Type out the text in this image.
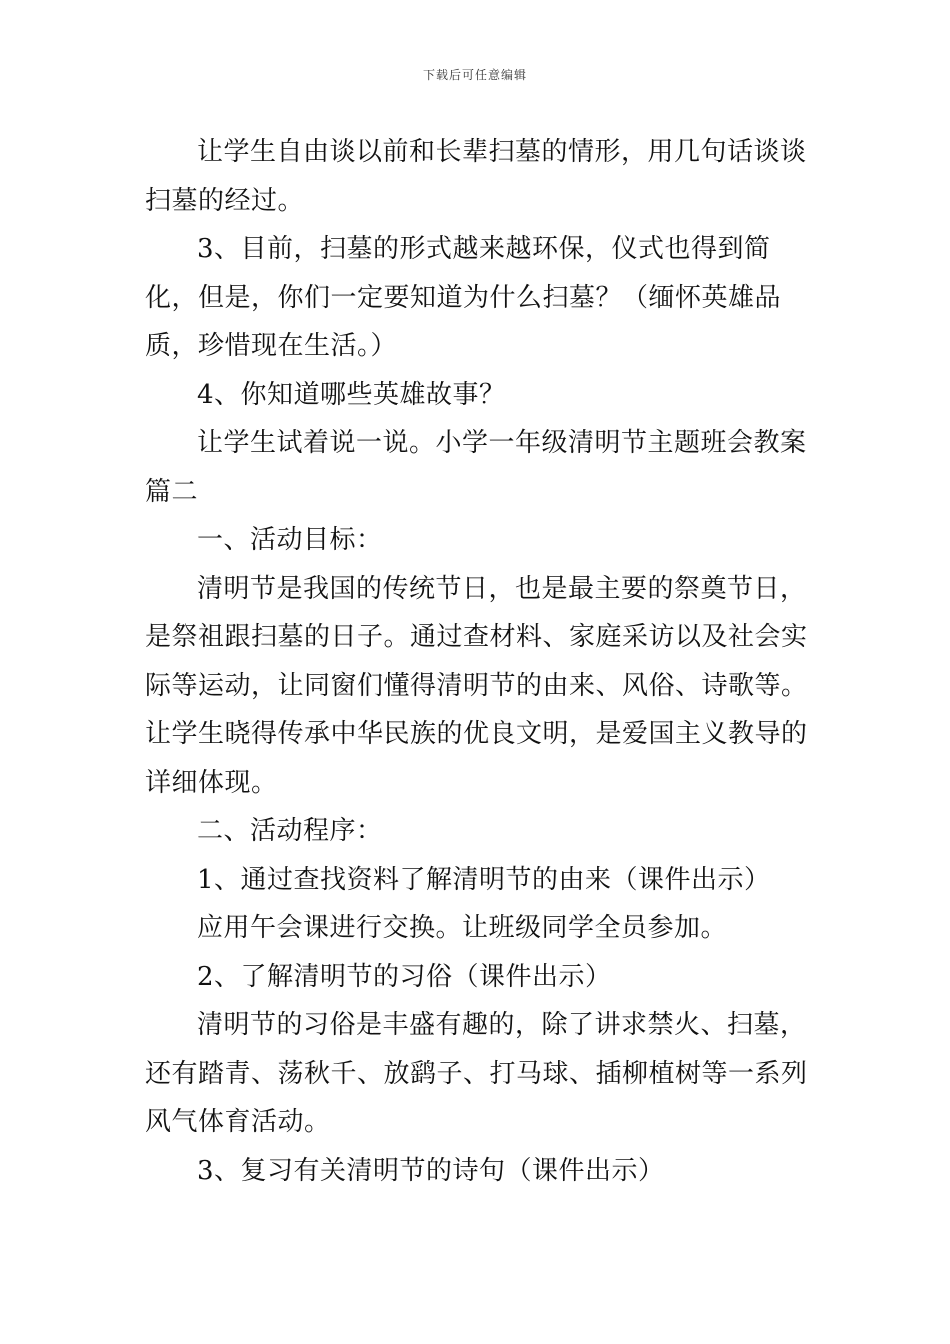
下载后可任意编辑

让学生自由谈以前和长辈扫墓的情形，用几句话谈谈扫墓的经过。

3、目前，扫墓的形式越来越环保，仪式也得到简化，但是，你们一定要知道为什么扫墓？（缅怀英雄品质，珍惜现在生活。）

4、你知道哪些英雄故事？

让学生试着说一说。小学一年级清明节主题班会教案篇二

一、活动目标：

清明节是我国的传统节日，也是最主要的祭奠节日，是祭祖跟扫墓的日子。通过查材料、家庭采访以及社会实际等运动，让同窗们懂得清明节的由来、风俗、诗歌等。让学生晓得传承中华民族的优良文明，是爱国主义教导的详细体现。

二、活动程序：

1、通过查找资料了解清明节的由来（课件出示）

应用午会课进行交换。让班级同学全员参加。

2、了解清明节的习俗（课件出示）

清明节的习俗是丰盛有趣的，除了讲求禁火、扫墓，还有踏青、荡秋千、放鹞子、打马球、插柳植树等一系列风气体育活动。

3、复习有关清明节的诗句（课件出示）
